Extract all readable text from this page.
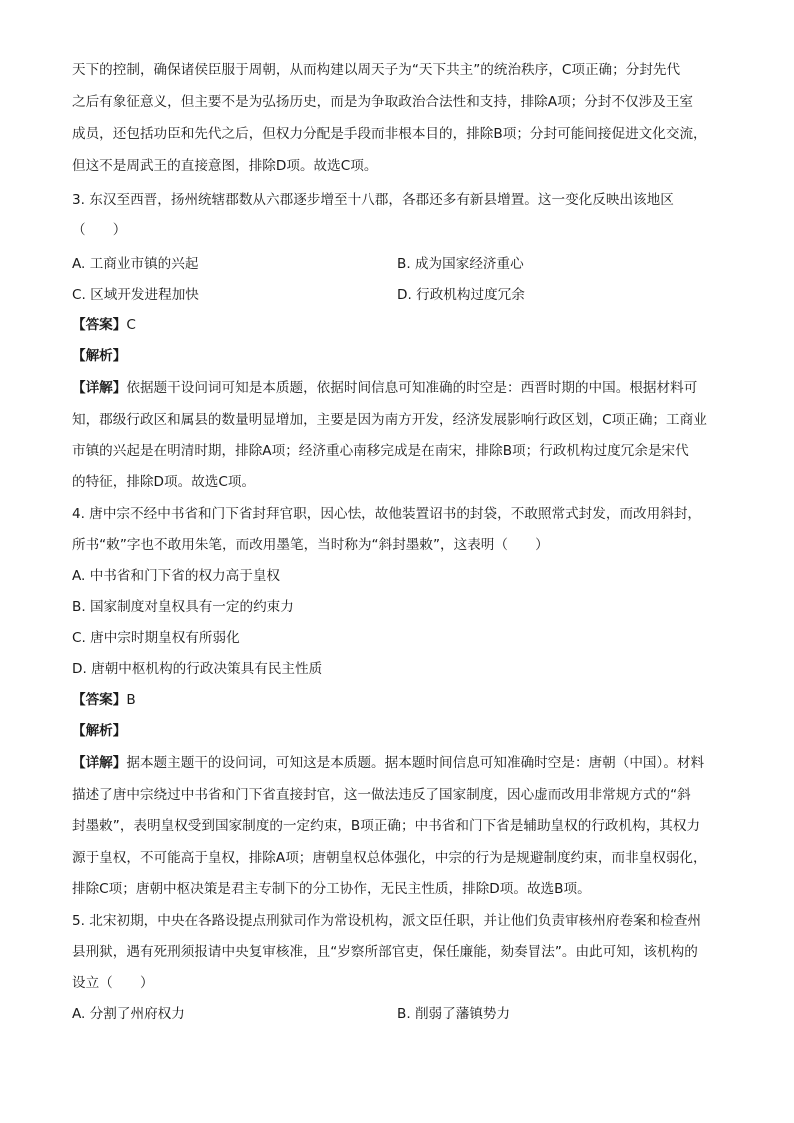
天下的控制，确保诸侯臣服于周朝，从而构建以周天子为“天下共主”的统治秩序，C项正确；分封先代
之后有象征意义，但主要不是为弘扬历史，而是为争取政治合法性和支持，排除A项；分封不仅涉及王室
成员，还包括功臣和先代之后，但权力分配是手段而非根本目的，排除B项；分封可能间接促进文化交流，
但这不是周武王的直接意图，排除D项。故选C项。
3. 东汉至西晋，扬州统辖郡数从六郡逐步增至十八郡，各郡还多有新县增置。这一变化反映出该地区
（　　）
A. 工商业市镇的兴起	B. 成为国家经济重心
C. 区域开发进程加快	D. 行政机构过度冗余
【答案】C
【解析】
【详解】依据题干设问词可知是本质题，依据时间信息可知准确的时空是：西晋时期的中国。根据材料可
知，郡级行政区和属县的数量明显增加，主要是因为南方开发，经济发展影响行政区划，C项正确；工商业
市镇的兴起是在明清时期，排除A项；经济重心南移完成是在南宋，排除B项；行政机构过度冗余是宋代
的特征，排除D项。故选C项。
4. 唐中宗不经中书省和门下省封拜官职，因心怯，故他装置诏书的封袋，不敢照常式封发，而改用斜封，
所书“敕”字也不敢用朱笔，而改用墨笔，当时称为“斜封墨敕”，这表明（　　）
A. 中书省和门下省的权力高于皇权
B. 国家制度对皇权具有一定的约束力
C. 唐中宗时期皇权有所弱化
D. 唐朝中枢机构的行政决策具有民主性质
【答案】B
【解析】
【详解】据本题主题干的设问词，可知这是本质题。据本题时间信息可知准确时空是：唐朝（中国）。材料
描述了唐中宗绕过中书省和门下省直接封官，这一做法违反了国家制度，因心虚而改用非常规方式的“斜
封墨敕”，表明皇权受到国家制度的一定约束，B项正确；中书省和门下省是辅助皇权的行政机构，其权力
源于皇权，不可能高于皇权，排除A项；唐朝皇权总体强化，中宗的行为是规避制度约束，而非皇权弱化，
排除C项；唐朝中枢决策是君主专制下的分工协作，无民主性质，排除D项。故选B项。
5. 北宋初期，中央在各路设提点刑狱司作为常设机构，派文臣任职，并让他们负责审核州府卷案和检查州
县刑狱，遇有死刑须报请中央复审核准，且“岁察所部官吏，保任廉能，劾奏冒法”。由此可知，该机构的
设立（　　）
A. 分割了州府权力	B. 削弱了藩镇势力
